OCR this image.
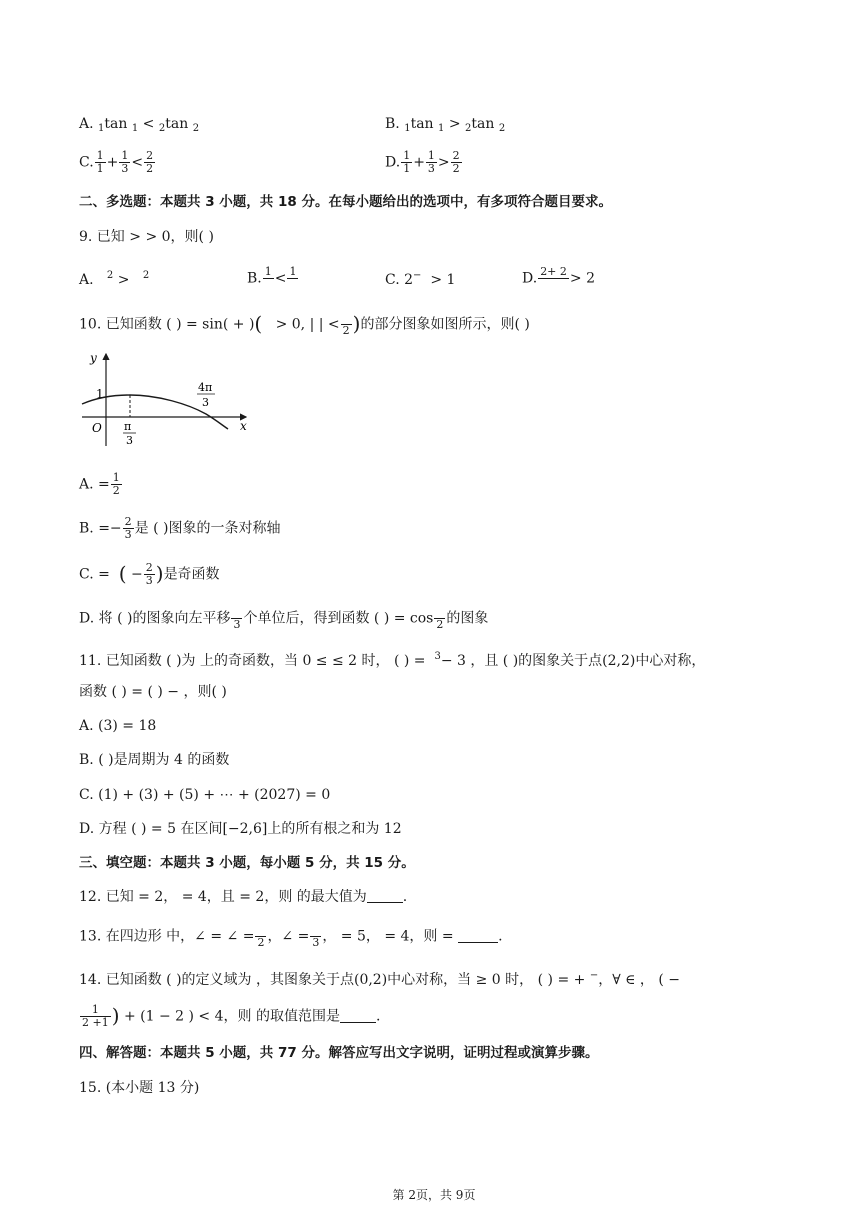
A. $_1$tan $_1$ < $_2$tan $_2$	B. $_1$tan $_1$ > $_2$tan $_2$
C. $\frac{1}{1} + \frac{1}{3} < \frac{2}{2}$	D. $\frac{1}{1} + \frac{1}{3} > \frac{2}{2}$
二、多选题：本题共 3 小题，共 18 分。在每小题给出的选项中，有多项符合题目要求。
9. 已知 > > 0，则( )
A. $^2$ > $^2$	B. 1
< 1

C. 2− > 1	D. 2+ 2
> 2
10. 已知函数 ( ) = sin( + )( > 0, | | <
2 )的部分图象如图所示，则( )
y
x
O
1
π
3
4π
3
A. = $\frac{1}{2}$
B. =− $\frac{2}{3}$ 是 ( )图象的一条对称轴
C. = ( − $\frac{2}{3}$ )是奇函数
D. 将 ( )的图象向左平移
3 个单位后，得到函数 ( ) = cos
2 的图象
11. 已知函数 ( )为 上的奇函数，当 0 ≤ ≤ 2 时， ( ) = $^3$− 3 ，且 ( )的图象关于点(2,2)中心对称，
函数 ( ) = ( ) − ，则( )
A. (3) = 18
B. ( )是周期为 4 的函数
C. (1) + (3) + (5) + ⋯ + (2027) = 0
D. 方程 ( ) = 5 在区间[−2,6]上的所有根之和为 12
三、填空题：本题共 3 小题，每小题 5 分，共 15 分。
12. 已知 = 2， = 4，且 = 2，则 的最大值为	.
13. 在四边形 中，∠ = ∠ =
2 ，∠ =
3 ， = 5， = 4，则 =	.
14. 已知函数 ( )的定义域为 ，其图象关于点(0,2)中心对称，当 ≥ 0 时， ( ) = + −，∀ ∈ ， ( −
$\frac{1}{2 +1}$ ) + (1 − 2 ) < 4，则 的取值范围是	.
四、解答题：本题共 5 小题，共 77 分。解答应写出文字说明，证明过程或演算步骤。
15. (本小题 13 分)
第 2页，共 9页
